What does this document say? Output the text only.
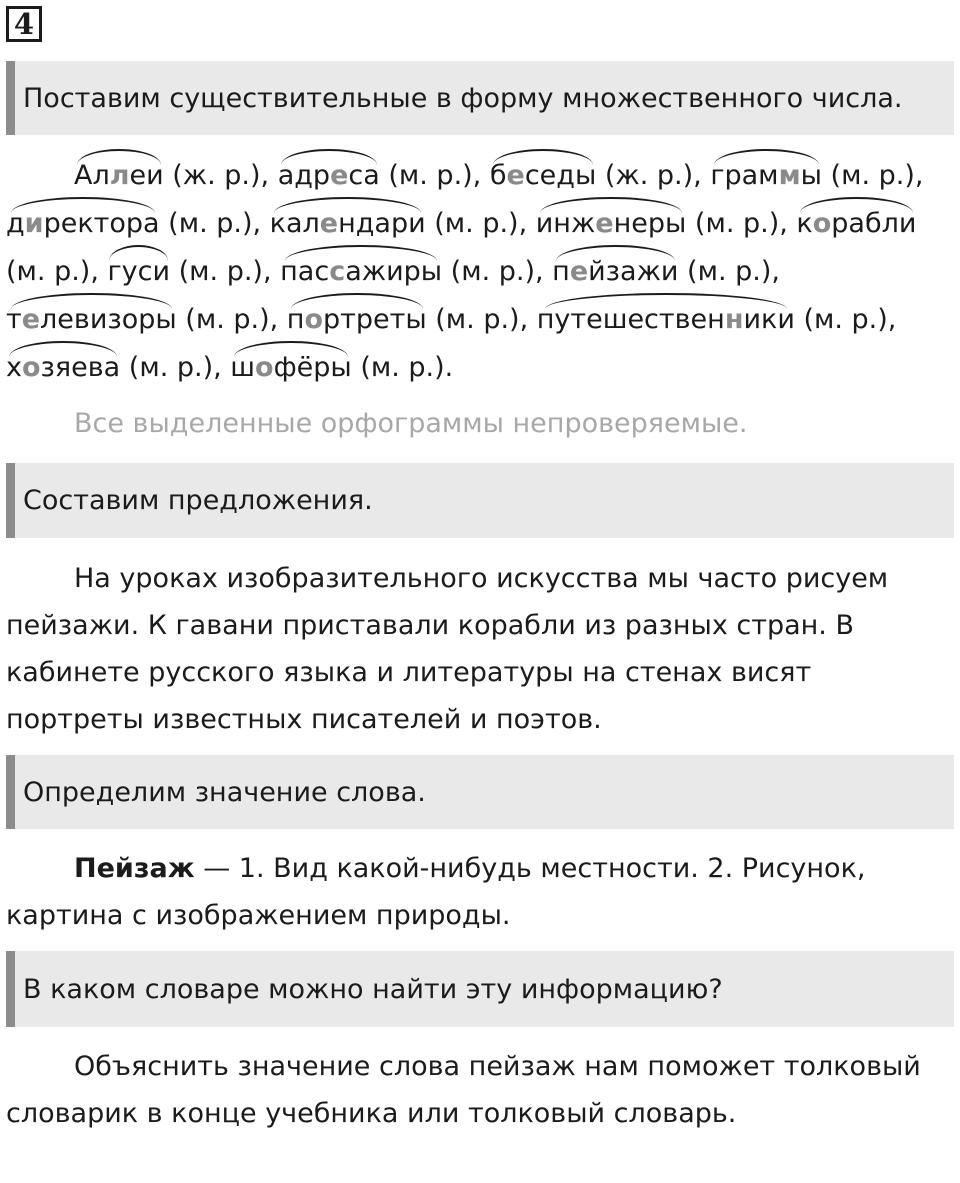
4
Поставим существительные в форму множественного числа.

Аллеи (ж. р.), адреса (м. р.), беседы (ж. р.), граммы (м. р.), директора (м. р.), календари (м. р.), инженеры (м. р.), корабли (м. р.), гуси (м. р.), пассажиры (м. р.), пейзажи (м. р.), телевизоры (м. р.), портреты (м. р.), путешественники (м. р.), хозяева (м. р.), шофёры (м. р.).

Все выделенные орфограммы непроверяемые.
Составим предложения.

На уроках изобразительного искусства мы часто рисуем пейзажи. К гавани приставали корабли из разных стран. В кабинете русского языка и литературы на стенах висят портреты известных писателей и поэтов.

Определим значение слова.

Пейзаж — 1. Вид какой-нибудь местности. 2. Рисунок, картина с изображением природы.

В каком словаре можно найти эту информацию?

Объяснить значение слова пейзаж нам поможет толковый словарик в конце учебника или толковый словарь.
